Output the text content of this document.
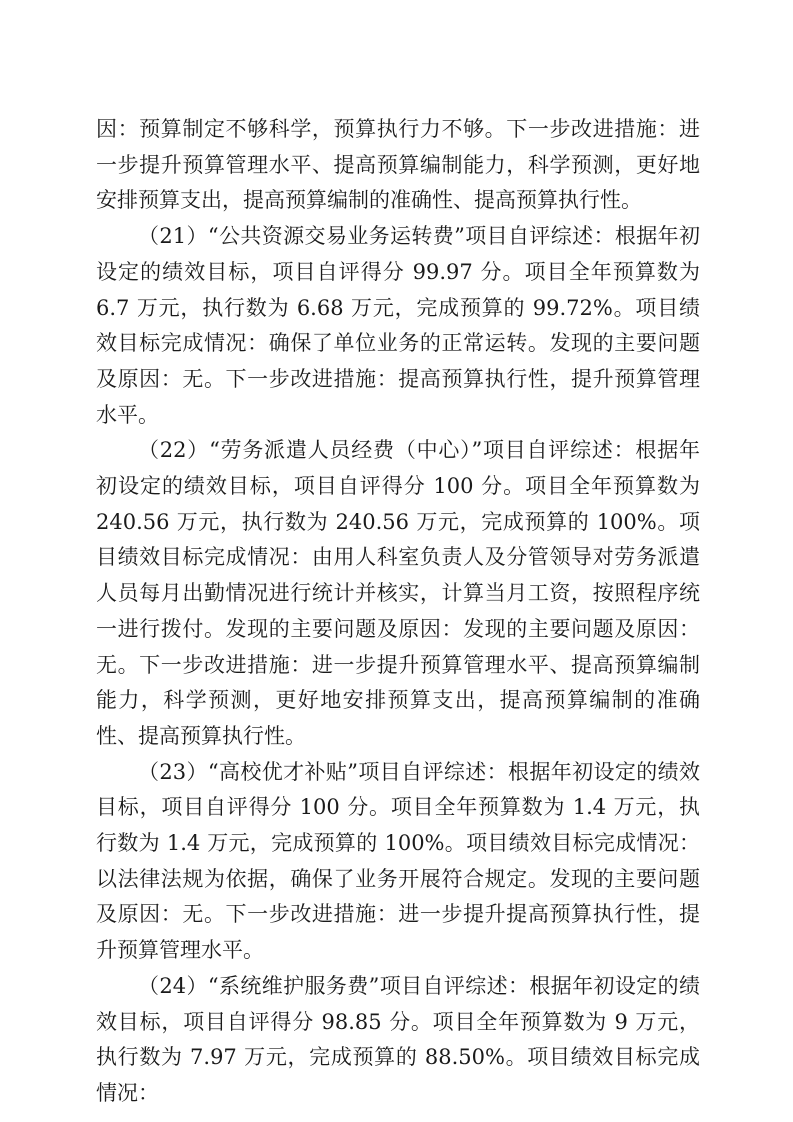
因：预算制定不够科学，预算执行力不够。下一步改进措施：进一步提升预算管理水平、提高预算编制能力，科学预测，更好地安排预算支出，提高预算编制的准确性、提高预算执行性。

（21）“公共资源交易业务运转费”项目自评综述：根据年初设定的绩效目标，项目自评得分 99.97 分。项目全年预算数为 6.7 万元，执行数为 6.68 万元，完成预算的 99.72%。项目绩效目标完成情况：确保了单位业务的正常运转。发现的主要问题及原因：无。下一步改进措施：提高预算执行性，提升预算管理水平。

（22）“劳务派遣人员经费（中心）”项目自评综述：根据年初设定的绩效目标，项目自评得分 100 分。项目全年预算数为 240.56 万元，执行数为 240.56 万元，完成预算的 100%。项目绩效目标完成情况：由用人科室负责人及分管领导对劳务派遣人员每月出勤情况进行统计并核实，计算当月工资，按照程序统一进行拨付。发现的主要问题及原因：发现的主要问题及原因：无。下一步改进措施：进一步提升预算管理水平、提高预算编制能力，科学预测，更好地安排预算支出，提高预算编制的准确性、提高预算执行性。

（23）“高校优才补贴”项目自评综述：根据年初设定的绩效目标，项目自评得分 100 分。项目全年预算数为 1.4 万元，执行数为 1.4 万元，完成预算的 100%。项目绩效目标完成情况：以法律法规为依据，确保了业务开展符合规定。发现的主要问题及原因：无。下一步改进措施：进一步提升提高预算执行性，提升预算管理水平。

（24）“系统维护服务费”项目自评综述：根据年初设定的绩效目标，项目自评得分 98.85 分。项目全年预算数为 9 万元，执行数为 7.97 万元，完成预算的 88.50%。项目绩效目标完成情况：
